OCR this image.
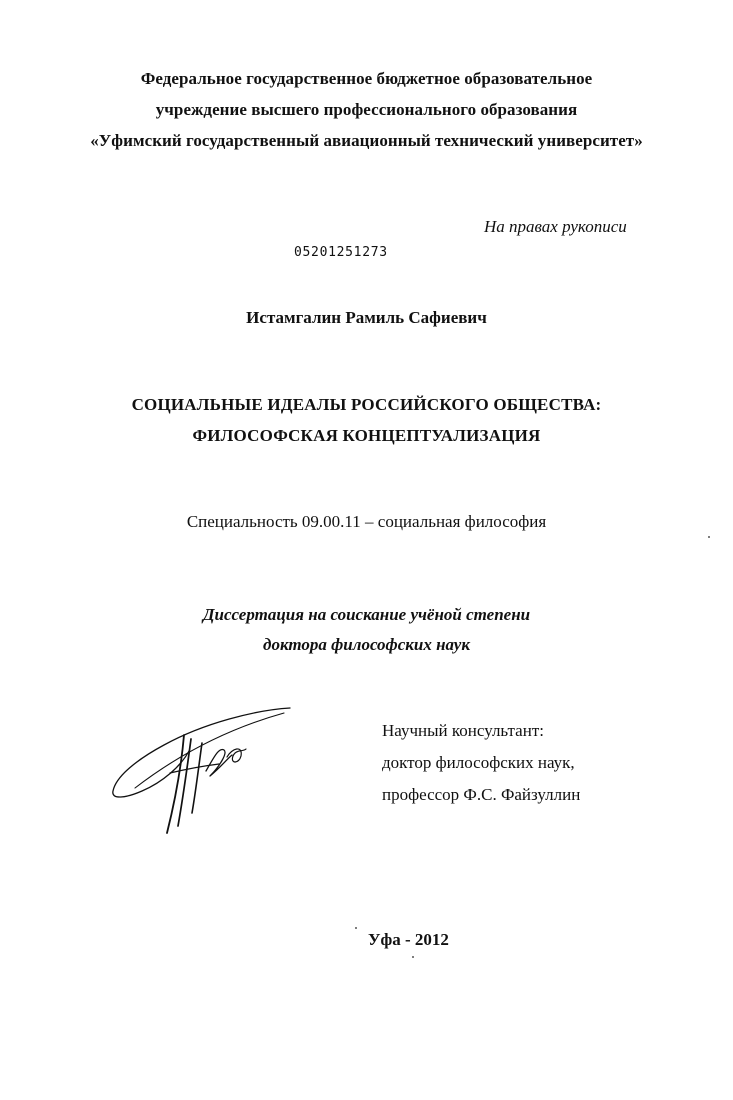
Федеральное государственное бюджетное образовательное
учреждение высшего профессионального образования
«Уфимский государственный авиационный технический университет»
На правах рукописи
05201251273
Истамгалин Рамиль Сафиевич
СОЦИАЛЬНЫЕ ИДЕАЛЫ РОССИЙСКОГО ОБЩЕСТВА:
ФИЛОСОФСКАЯ КОНЦЕПТУАЛИЗАЦИЯ
Специальность 09.00.11 – социальная философия
Диссертация на соискание учёной степени
доктора философских наук
Научный консультант:
доктор философских наук,
профессор Ф.С. Файзуллин
Уфа - 2012
